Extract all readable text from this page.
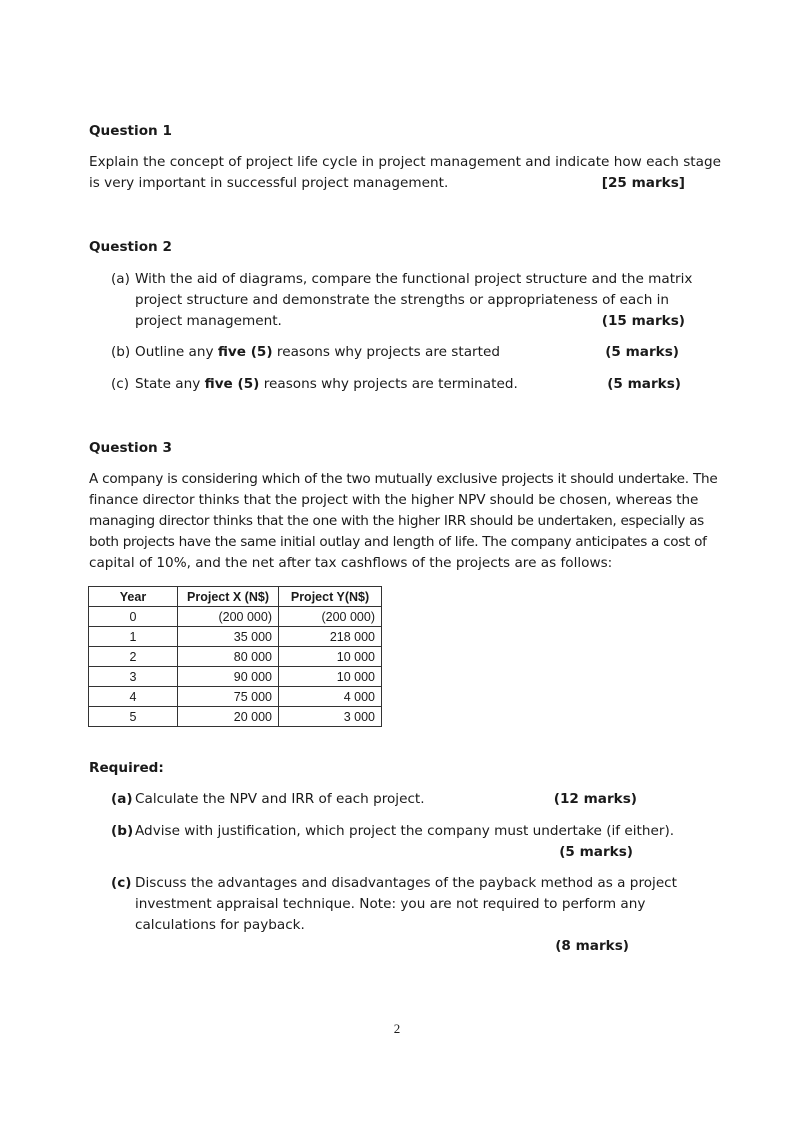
Question 1
Explain the concept of project life cycle in project management and indicate how each stage
is very important in successful project management.	[25 marks]
Question 2
(a) With the aid of diagrams, compare the functional project structure and the matrix
project structure and demonstrate the strengths or appropriateness of each in
project management.	(15 marks)
(b) Outline any five (5) reasons why projects are started	(5 marks)
(c) State any five (5) reasons why projects are terminated.	(5 marks)
Question 3
A company is considering which of the two mutually exclusive projects it should undertake. The
finance director thinks that the project with the higher NPV should be chosen, whereas the
managing director thinks that the one with the higher IRR should be undertaken, especially as
both projects have the same initial outlay and length of life. The company anticipates a cost of
capital of 10%, and the net after tax cashflows of the projects are as follows:
Year	Project X (N$)	Project Y(N$)
0	(200 000)	(200 000)
1	35 000	218 000
2	80 000	10 000
3	90 000	10 000
4	75 000	4 000
5	20 000	3 000
Required:
(a) Calculate the NPV and IRR of each project.	(12 marks)
(b) Advise with justification, which project the company must undertake (if either).
(5 marks)
(c) Discuss the advantages and disadvantages of the payback method as a project
investment appraisal technique. Note: you are not required to perform any
calculations for payback.
(8 marks)
2
